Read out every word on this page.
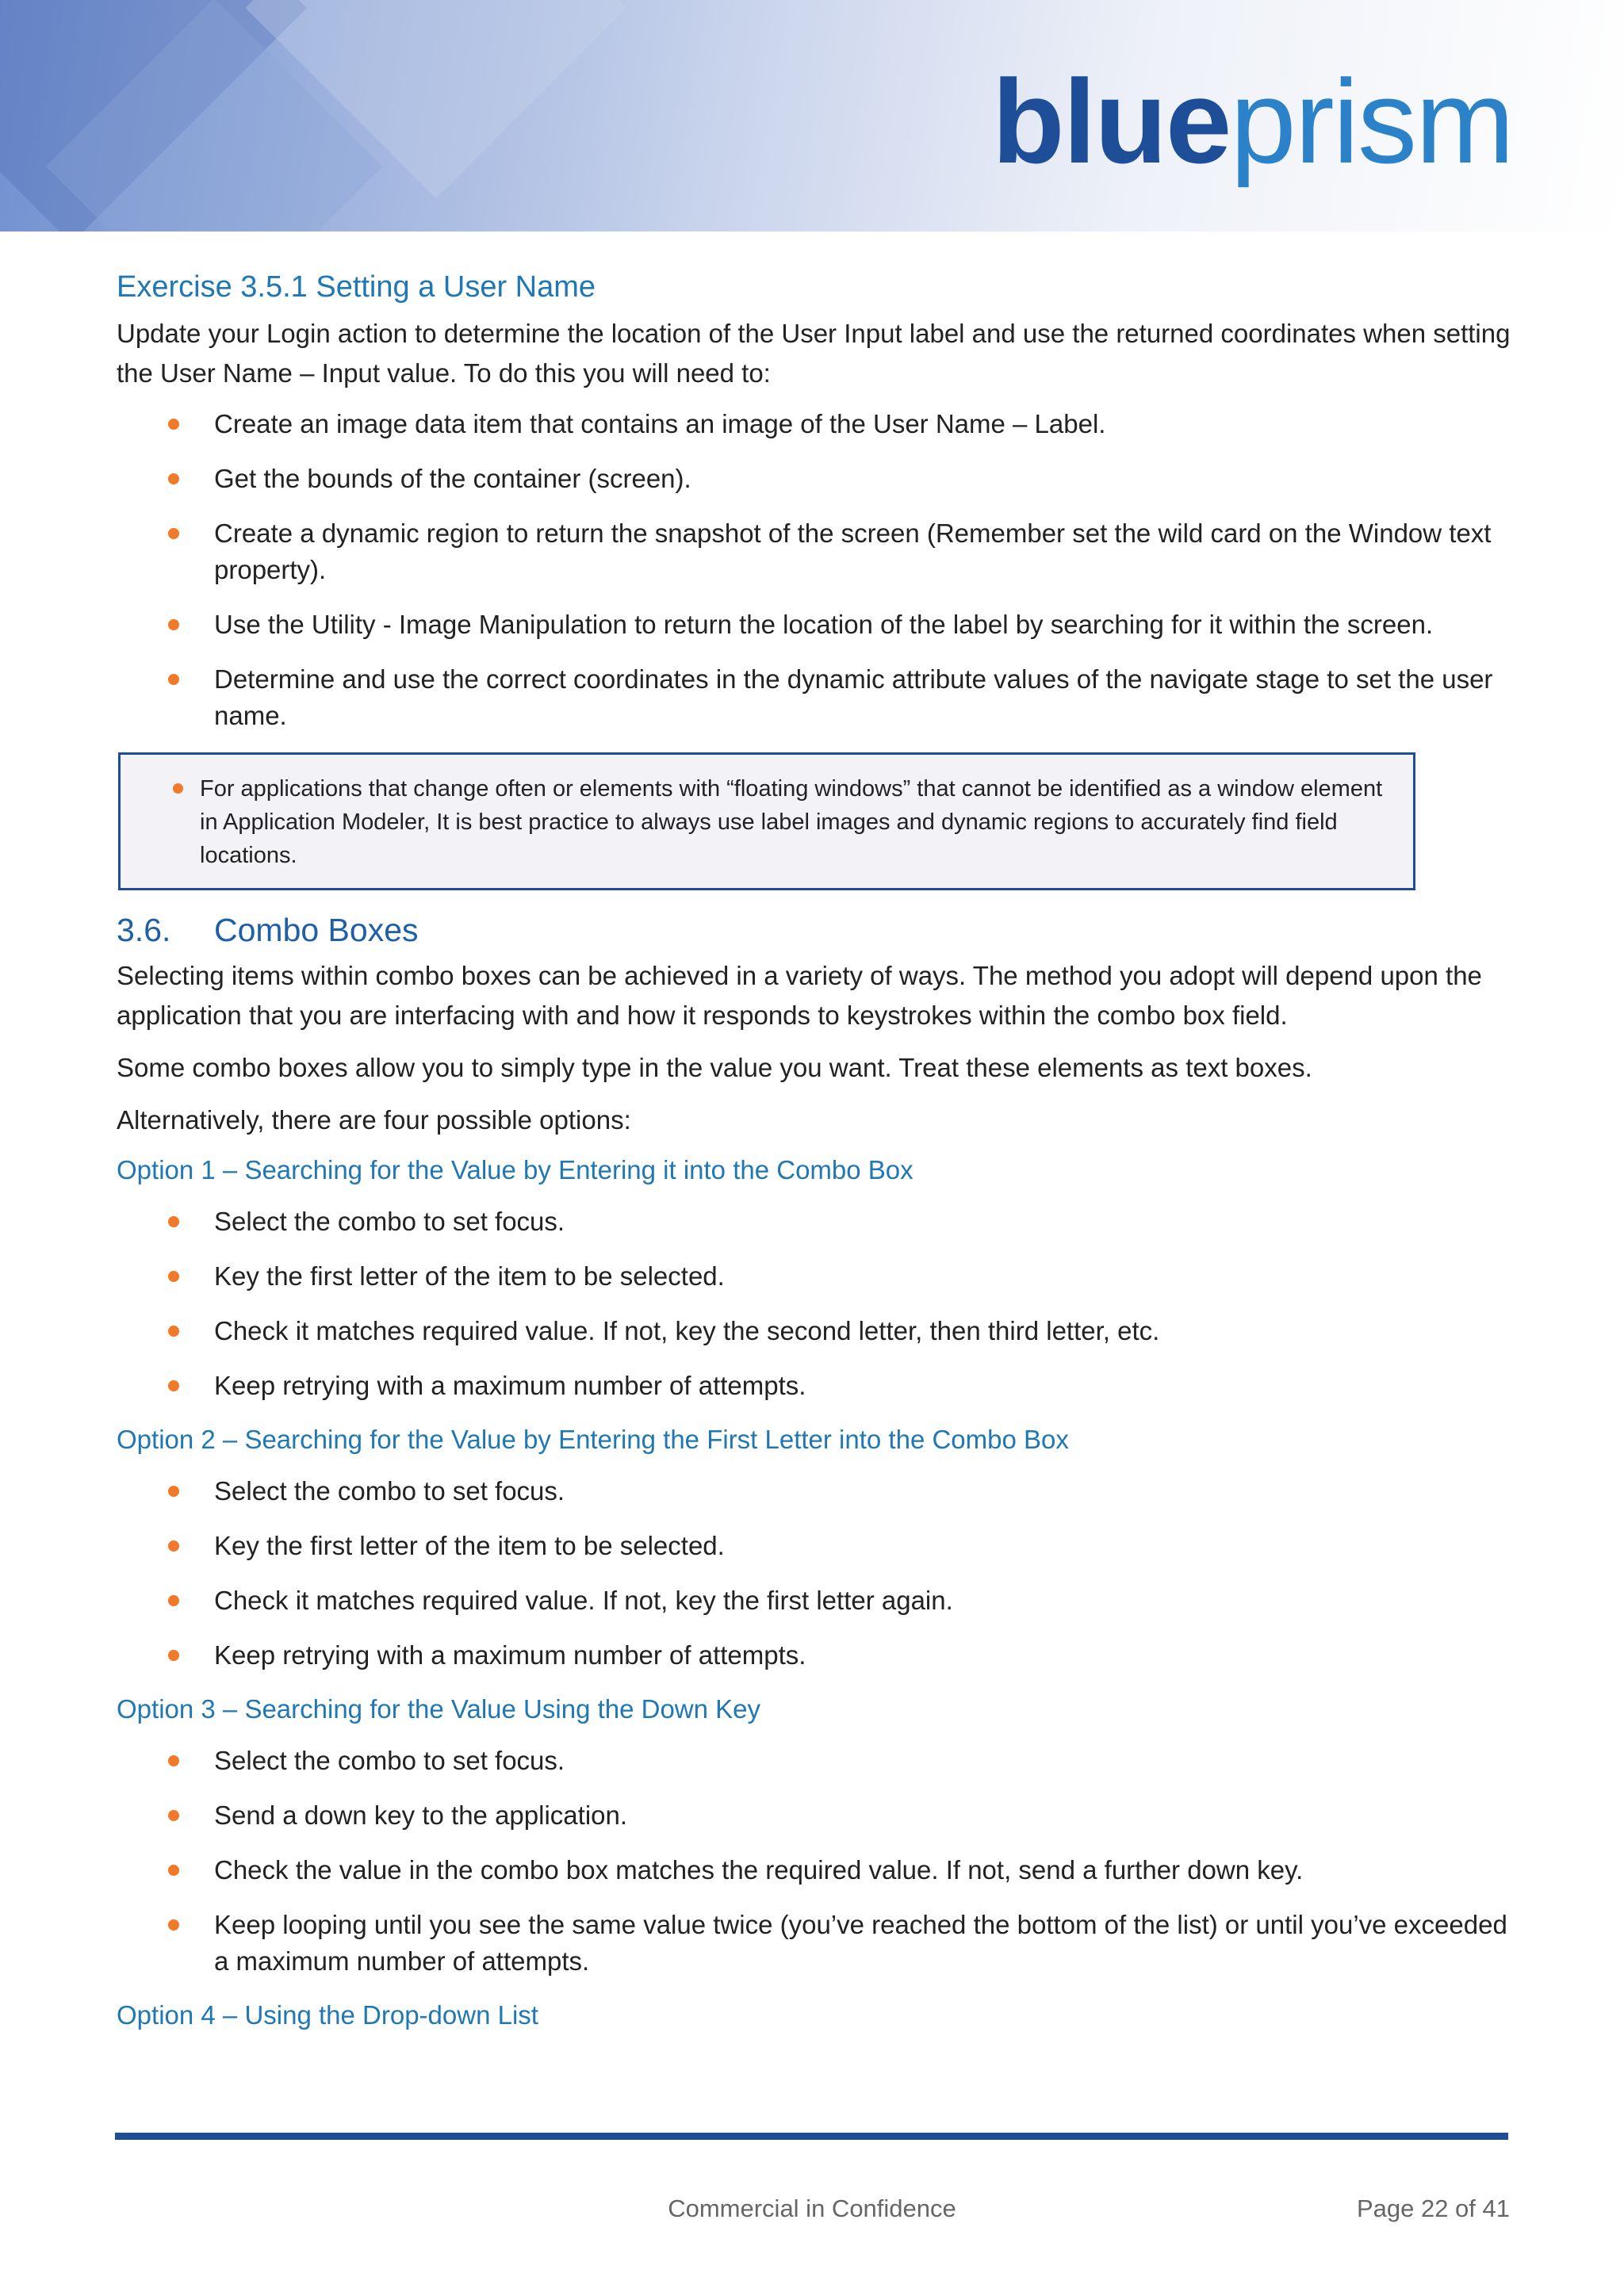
blueprism
Exercise 3.5.1 Setting a User Name

Update your Login action to determine the location of the User Input label and use the returned coordinates when setting the User Name – Input value. To do this you will need to:

Create an image data item that contains an image of the User Name – Label.
Get the bounds of the container (screen).
Create a dynamic region to return the snapshot of the screen (Remember set the wild card on the Window text property).
Use the Utility - Image Manipulation to return the location of the label by searching for it within the screen.
Determine and use the correct coordinates in the dynamic attribute values of the navigate stage to set the user name.
For applications that change often or elements with “floating windows” that cannot be identified as a window element in Application Modeler, It is best practice to always use label images and dynamic regions to accurately find field locations.
3.6. Combo Boxes

Selecting items within combo boxes can be achieved in a variety of ways. The method you adopt will depend upon the application that you are interfacing with and how it responds to keystrokes within the combo box field.

Some combo boxes allow you to simply type in the value you want. Treat these elements as text boxes.

Alternatively, there are four possible options:

Option 1 – Searching for the Value by Entering it into the Combo Box
Select the combo to set focus.
Key the first letter of the item to be selected.
Check it matches required value. If not, key the second letter, then third letter, etc.
Keep retrying with a maximum number of attempts.
Option 2 – Searching for the Value by Entering the First Letter into the Combo Box
Select the combo to set focus.
Key the first letter of the item to be selected.
Check it matches required value. If not, key the first letter again.
Keep retrying with a maximum number of attempts.
Option 3 – Searching for the Value Using the Down Key
Select the combo to set focus.
Send a down key to the application.
Check the value in the combo box matches the required value. If not, send a further down key.
Keep looping until you see the same value twice (you’ve reached the bottom of the list) or until you’ve exceeded a maximum number of attempts.
Option 4 – Using the Drop-down List
Commercial in Confidence	Page 22 of 41
